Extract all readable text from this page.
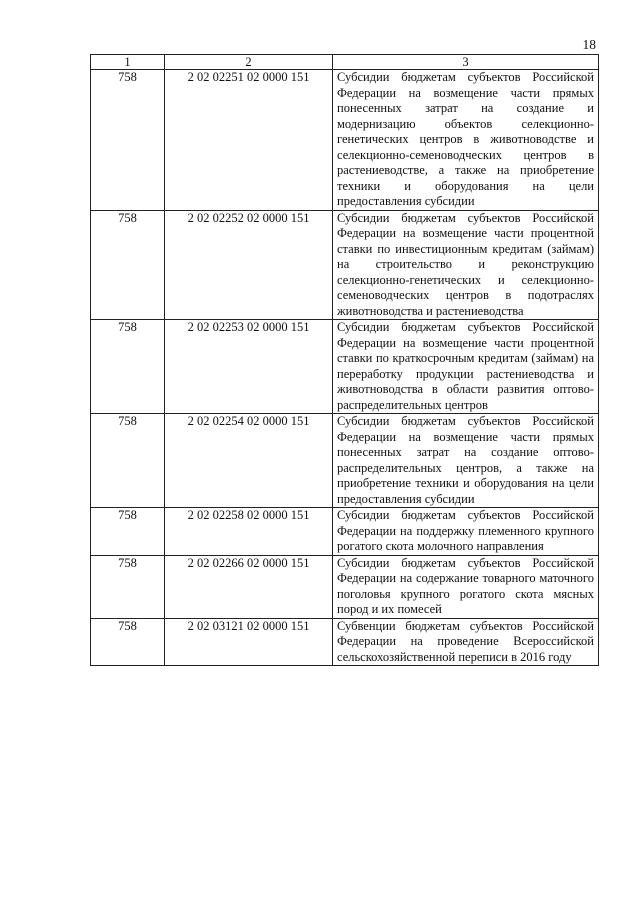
18
1	2	3
758	2 02 02251 02 0000 151	Субсидии бюджетам субъектов Российской Федерации на возмещение части прямых понесенных затрат на создание и модернизацию объектов селекционно-генетических центров в животноводстве и селекционно-семеноводческих центров в растениеводстве, а также на приобретение техники и оборудования на цели предоставления субсидии
758	2 02 02252 02 0000 151	Субсидии бюджетам субъектов Российской Федерации на возмещение части процентной ставки по инвестиционным кредитам (займам) на строительство и реконструкцию селекционно-генетических и селекционно-семеноводческих центров в подотраслях животноводства и растениеводства
758	2 02 02253 02 0000 151	Субсидии бюджетам субъектов Российской Федерации на возмещение части процентной ставки по краткосрочным кредитам (займам) на переработку продукции растениеводства и животноводства в области развития оптово-распределительных центров
758	2 02 02254 02 0000 151	Субсидии бюджетам субъектов Российской Федерации на возмещение части прямых понесенных затрат на создание оптово-распределительных центров, а также на приобретение техники и оборудования на цели предоставления субсидии
758	2 02 02258 02 0000 151	Субсидии бюджетам субъектов Российской Федерации на поддержку племенного крупного рогатого скота молочного направления
758	2 02 02266 02 0000 151	Субсидии бюджетам субъектов Российской Федерации на содержание товарного маточного поголовья крупного рогатого скота мясных пород и их помесей
758	2 02 03121 02 0000 151	Субвенции бюджетам субъектов Российской Федерации на проведение Всероссийской сельскохозяйственной переписи в 2016 году
